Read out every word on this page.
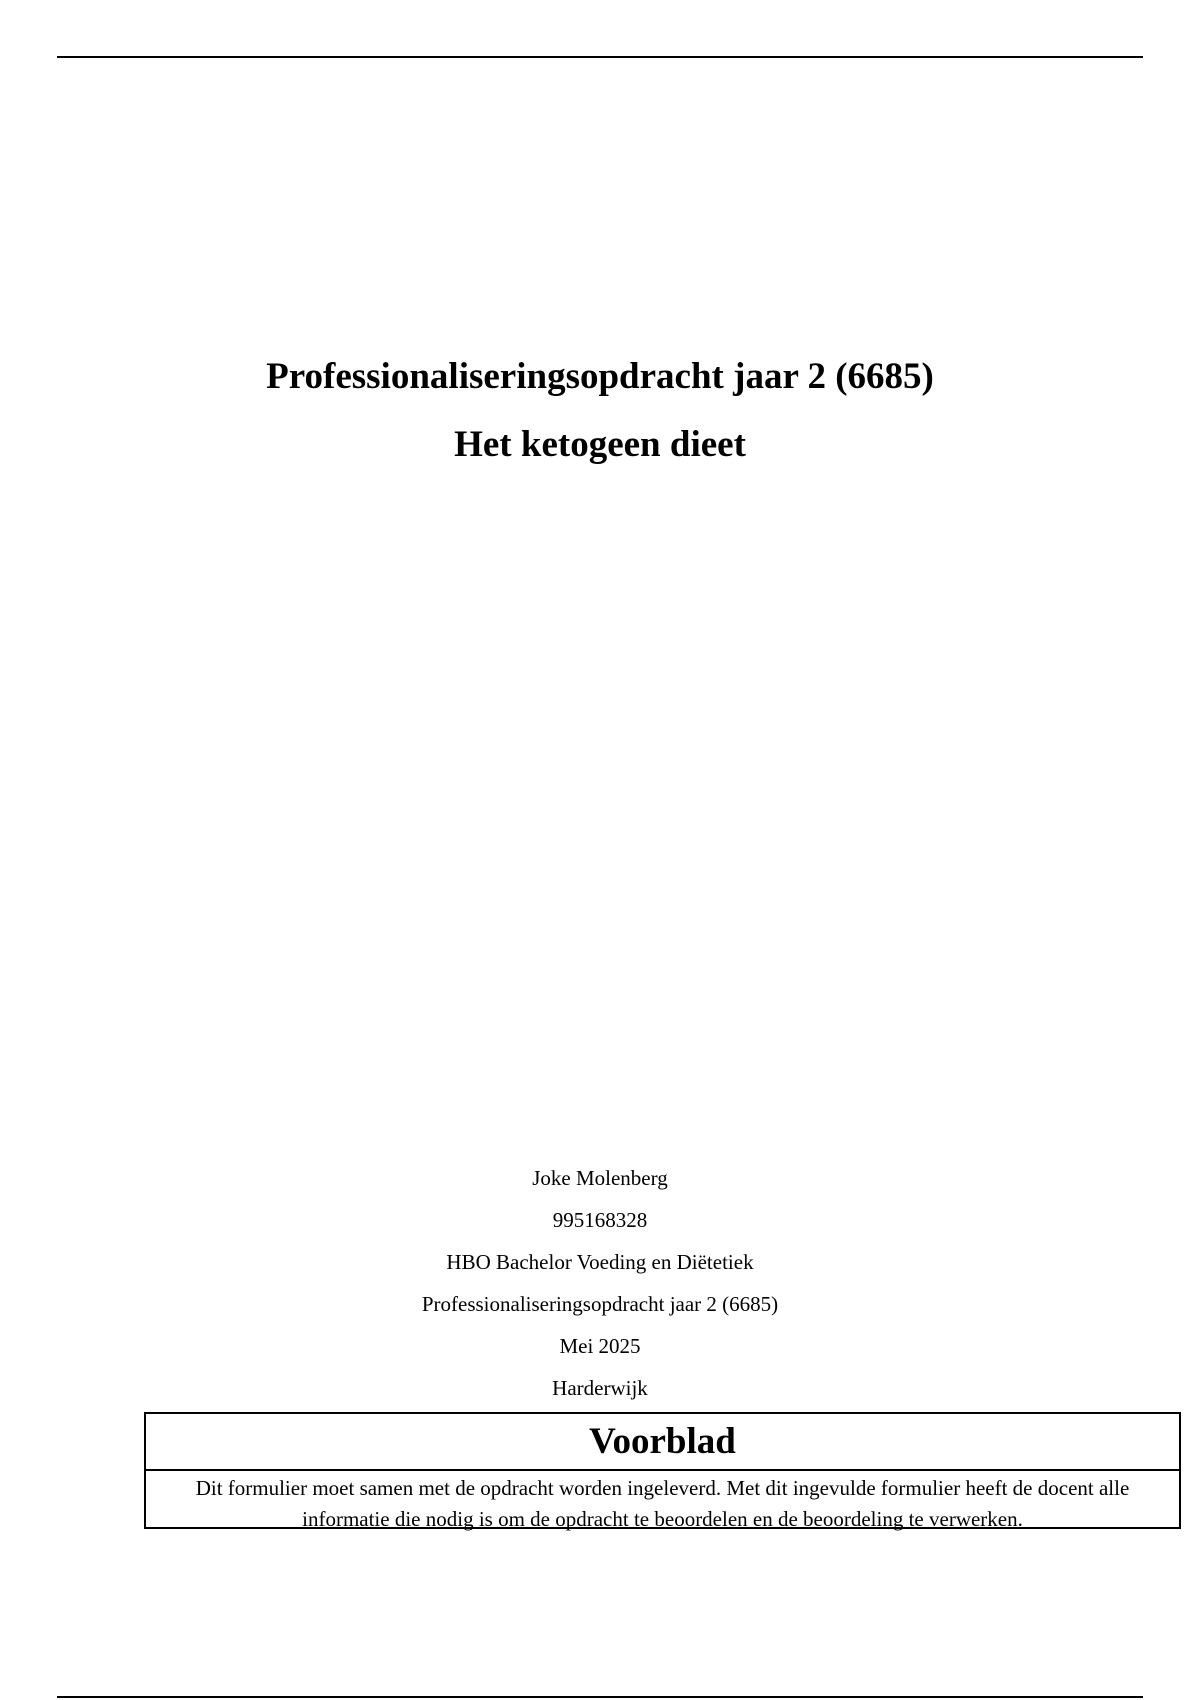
Professionaliseringsopdracht jaar 2 (6685)
Het ketogeen dieet
Joke Molenberg
995168328
HBO Bachelor Voeding en Diëtetiek
Professionaliseringsopdracht jaar 2 (6685)
Mei 2025
Harderwijk
Voorblad
Dit formulier moet samen met de opdracht worden ingeleverd. Met dit ingevulde formulier heeft de docent alle informatie die nodig is om de opdracht te beoordelen en de beoordeling te verwerken.
